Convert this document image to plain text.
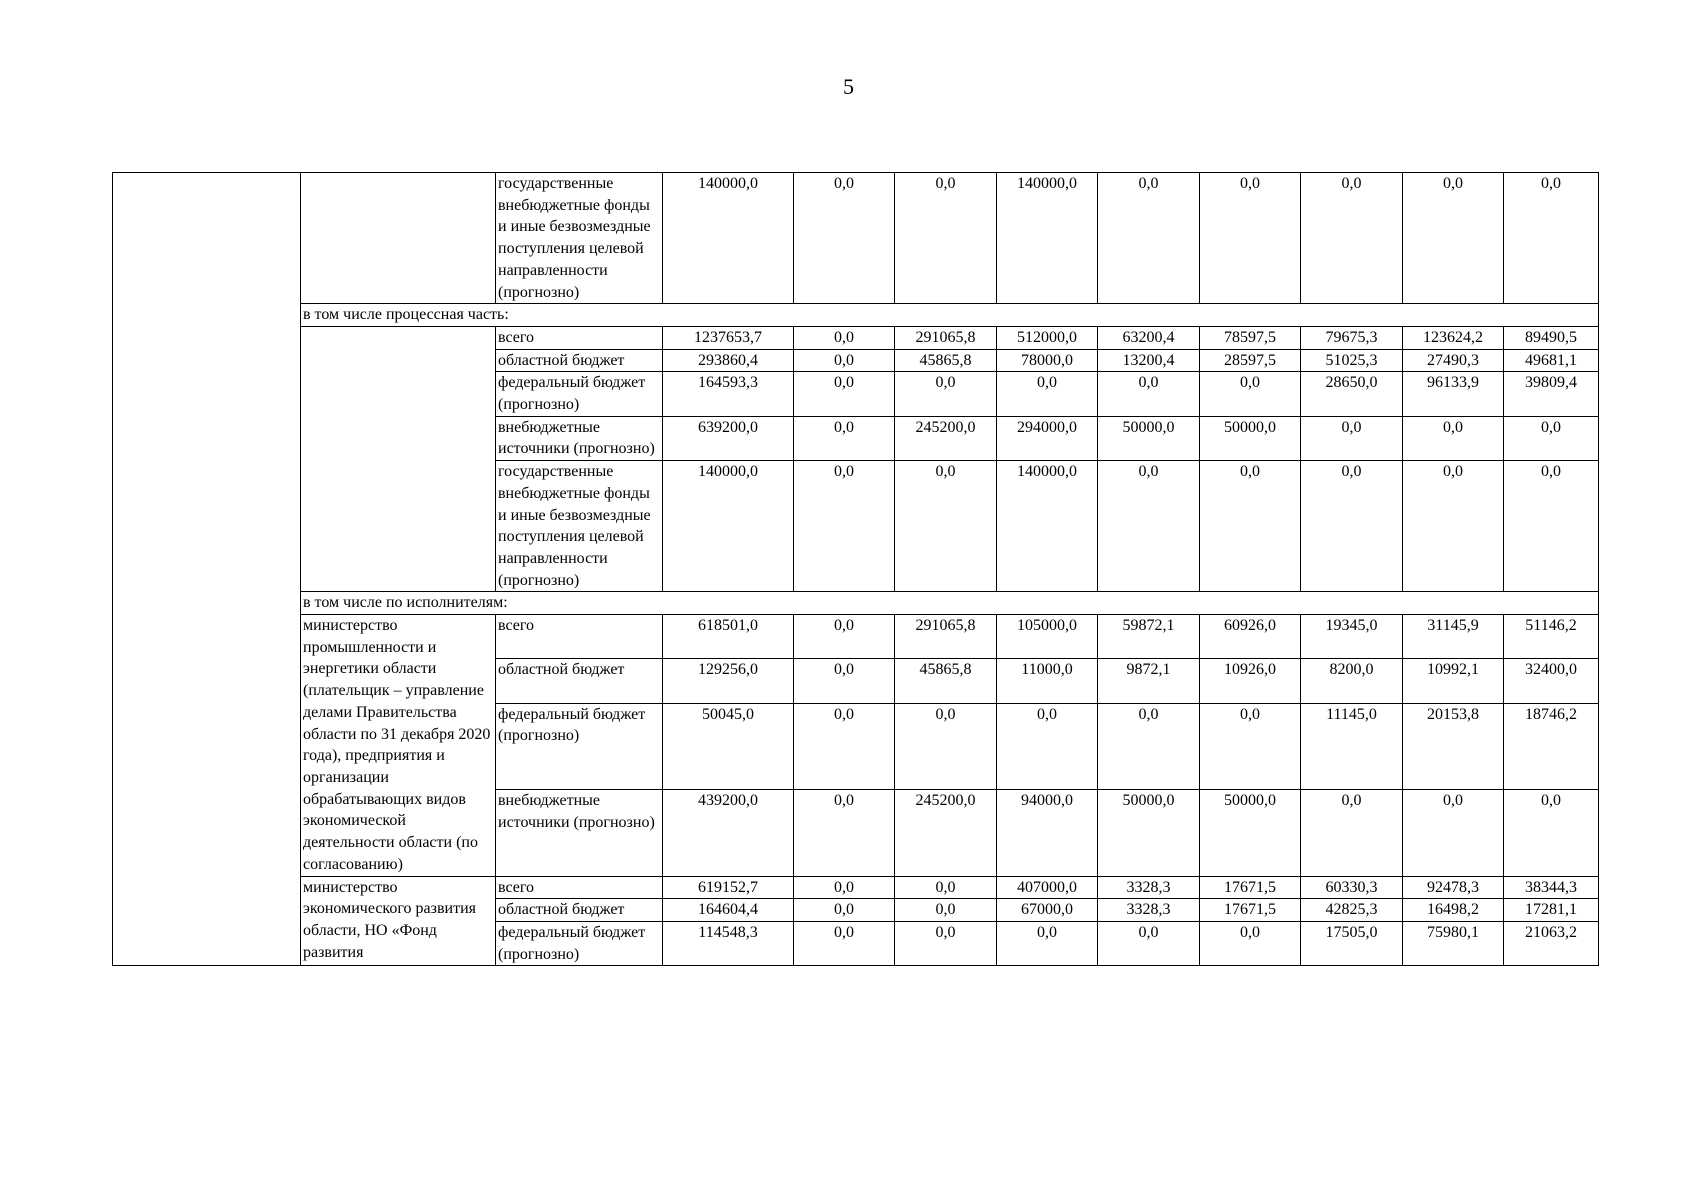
5
		государственные внебюджетные фонды и иные безвозмездные поступления целевой направленности (прогнозно)	140000,0	0,0	0,0	140000,0	0,0	0,0	0,0	0,0	0,0
	в том числе процессная часть:										
		всего	1237653,7	0,0	291065,8	512000,0	63200,4	78597,5	79675,3	123624,2	89490,5
		областной бюджет	293860,4	0,0	45865,8	78000,0	13200,4	28597,5	51025,3	27490,3	49681,1
		федеральный бюджет (прогнозно)	164593,3	0,0	0,0	0,0	0,0	0,0	28650,0	96133,9	39809,4
		внебюджетные источники (прогнозно)	639200,0	0,0	245200,0	294000,0	50000,0	50000,0	0,0	0,0	0,0
		государственные внебюджетные фонды и иные безвозмездные поступления целевой направленности (прогнозно)	140000,0	0,0	0,0	140000,0	0,0	0,0	0,0	0,0	0,0
	в том числе по исполнителям:										
	министерство промышленности и энергетики области (плательщик – управление делами Правительства области по 31 декабря 2020 года), предприятия и организации обрабатывающих видов экономической деятельности области (по согласованию)	всего	618501,0	0,0	291065,8	105000,0	59872,1	60926,0	19345,0	31145,9	51146,2
		областной бюджет	129256,0	0,0	45865,8	11000,0	9872,1	10926,0	8200,0	10992,1	32400,0
		федеральный бюджет (прогнозно)	50045,0	0,0	0,0	0,0	0,0	0,0	11145,0	20153,8	18746,2
		внебюджетные источники (прогнозно)	439200,0	0,0	245200,0	94000,0	50000,0	50000,0	0,0	0,0	0,0
	министерство экономического развития области, НО «Фонд развития	всего	619152,7	0,0	0,0	407000,0	3328,3	17671,5	60330,3	92478,3	38344,3
		областной бюджет	164604,4	0,0	0,0	67000,0	3328,3	17671,5	42825,3	16498,2	17281,1
		федеральный бюджет (прогнозно)	114548,3	0,0	0,0	0,0	0,0	0,0	17505,0	75980,1	21063,2
